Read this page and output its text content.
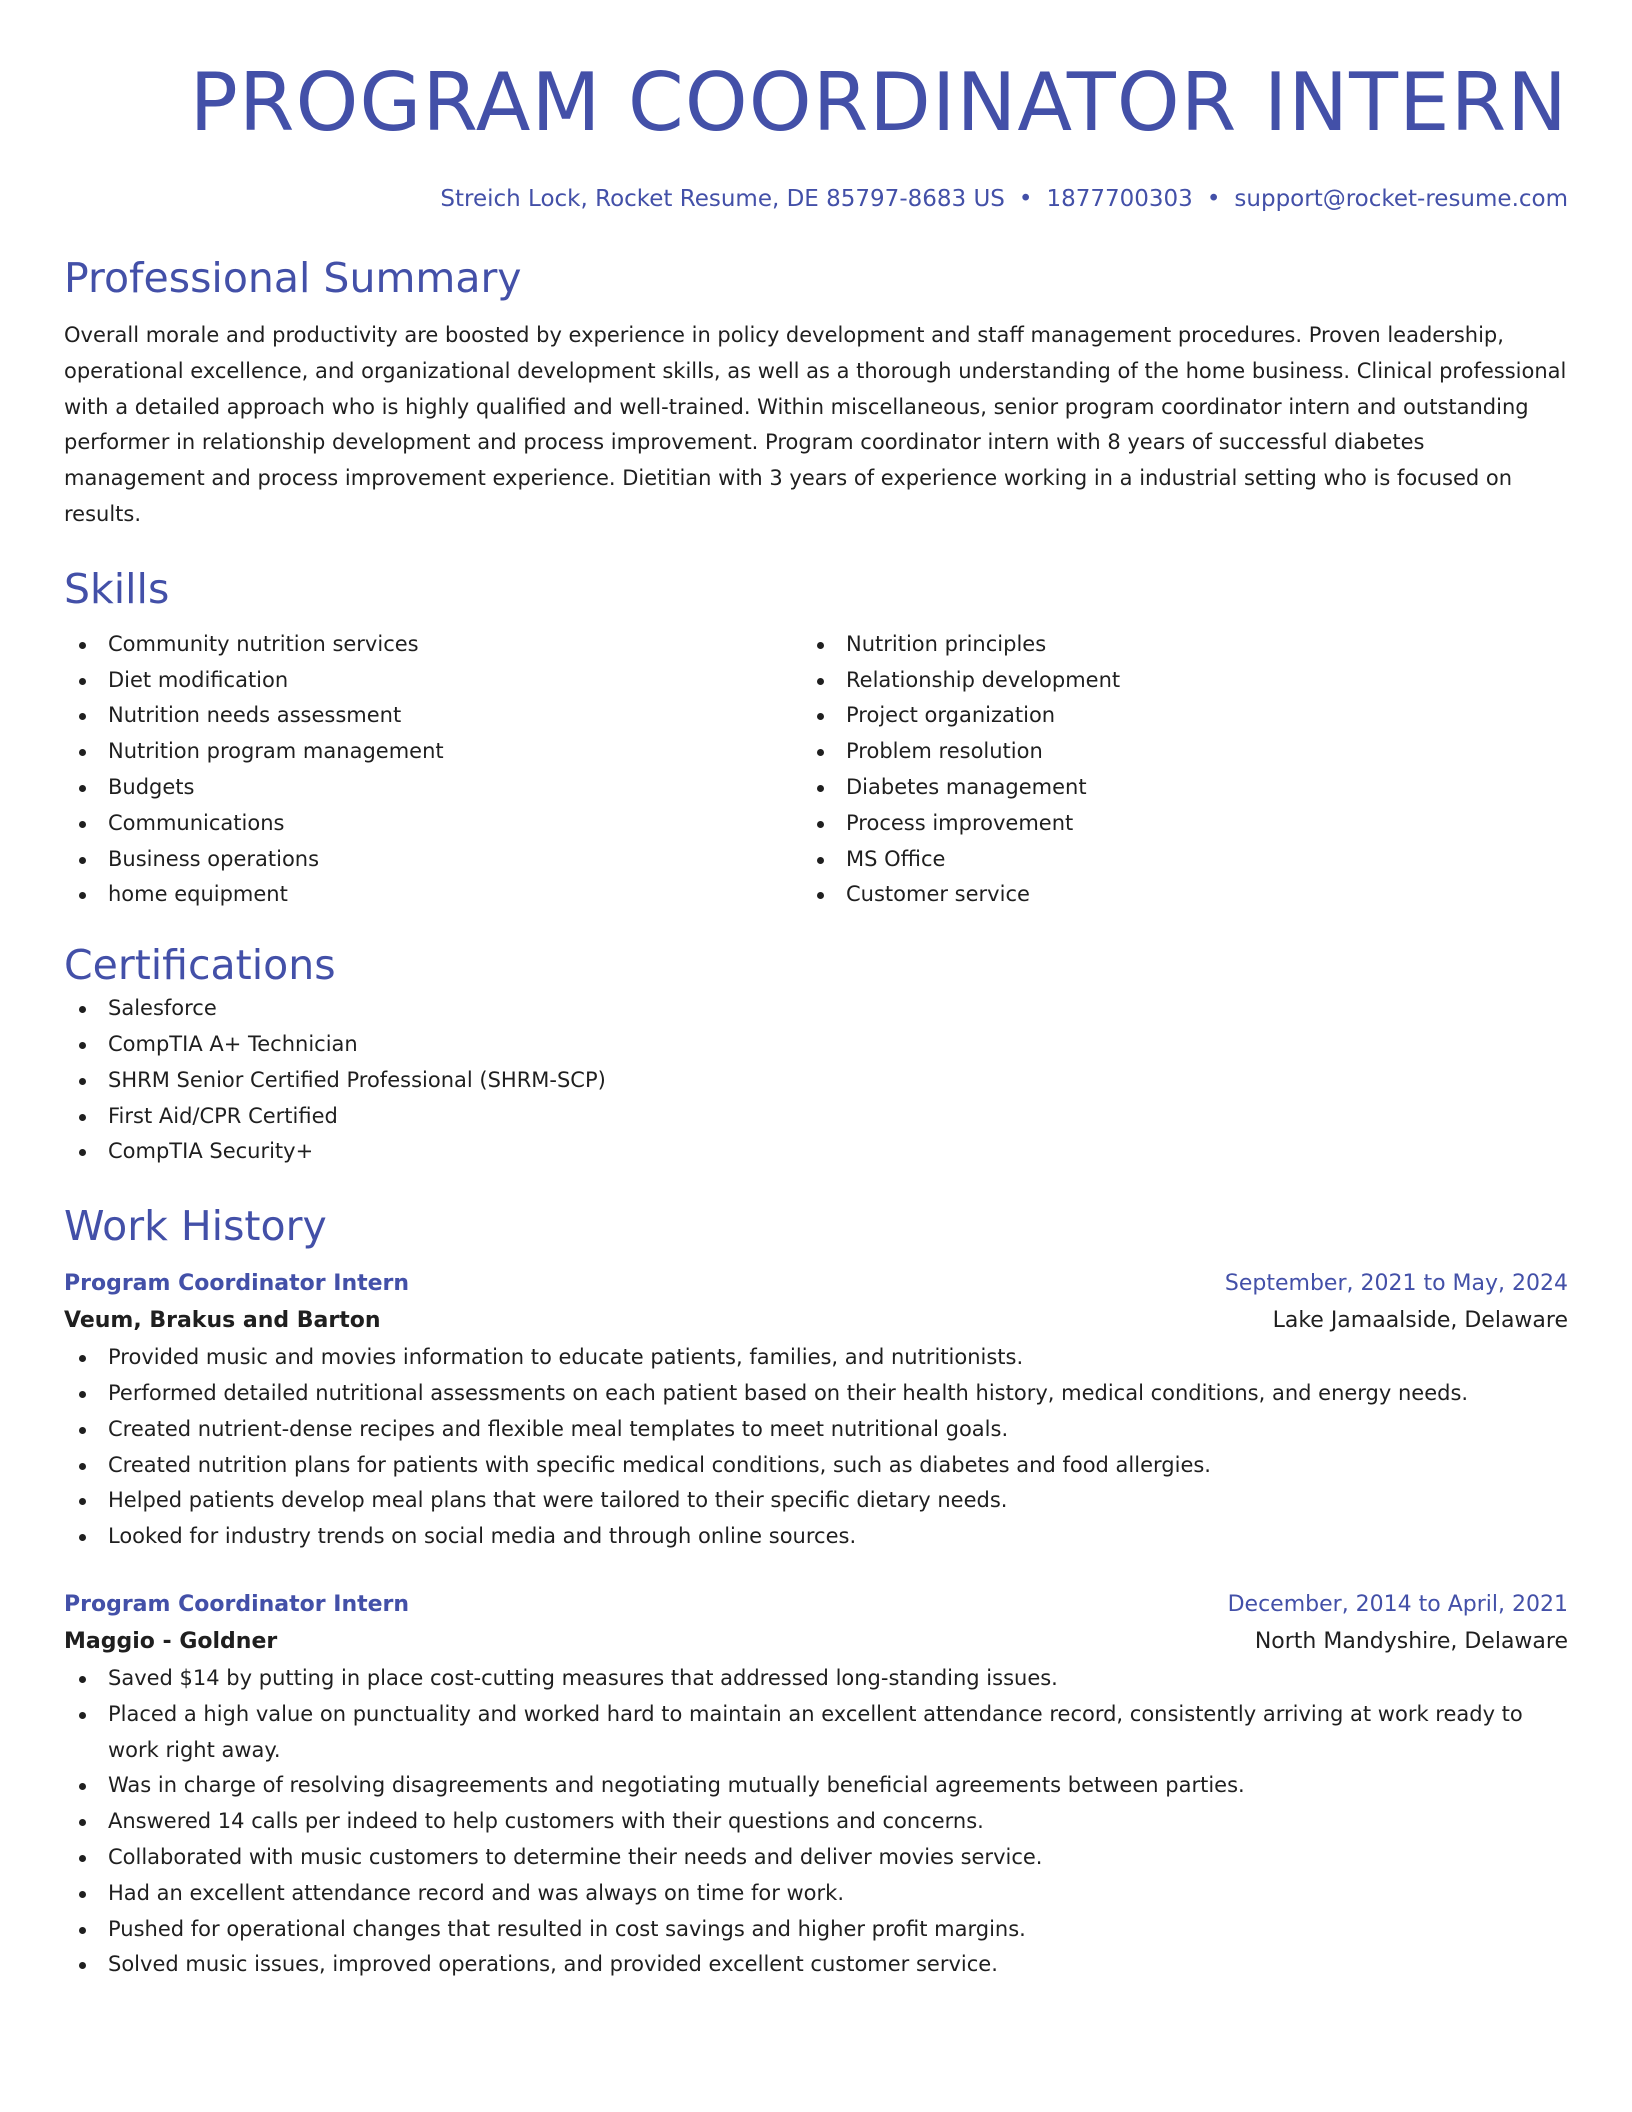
PROGRAM COORDINATOR INTERN
Streich Lock, Rocket Resume, DE 85797-8683 US • 1877700303 • support@rocket-resume.com
Professional Summary

Overall morale and productivity are boosted by experience in policy development and staff management procedures. Proven leadership, operational excellence, and organizational development skills, as well as a thorough understanding of the home business. Clinical professional with a detailed approach who is highly qualified and well-trained. Within miscellaneous, senior program coordinator intern and outstanding performer in relationship development and process improvement. Program coordinator intern with 8 years of successful diabetes management and process improvement experience. Dietitian with 3 years of experience working in a industrial setting who is focused on results.

Skills
Community nutrition services
Diet modification
Nutrition needs assessment
Nutrition program management
Budgets
Communications
Business operations
home equipment
Nutrition principles
Relationship development
Project organization
Problem resolution
Diabetes management
Process improvement
MS Office
Customer service
Certifications
Salesforce
CompTIA A+ Technician
SHRM Senior Certified Professional (SHRM-SCP)
First Aid/CPR Certified
CompTIA Security+
Work History
Program Coordinator Intern	September, 2021 to May, 2024
Veum, Brakus and Barton	Lake Jamaalside, Delaware
Provided music and movies information to educate patients, families, and nutritionists.
Performed detailed nutritional assessments on each patient based on their health history, medical conditions, and energy needs.
Created nutrient-dense recipes and flexible meal templates to meet nutritional goals.
Created nutrition plans for patients with specific medical conditions, such as diabetes and food allergies.
Helped patients develop meal plans that were tailored to their specific dietary needs.
Looked for industry trends on social media and through online sources.
Program Coordinator Intern	December, 2014 to April, 2021
Maggio - Goldner	North Mandyshire, Delaware
Saved $14 by putting in place cost-cutting measures that addressed long-standing issues.
Placed a high value on punctuality and worked hard to maintain an excellent attendance record, consistently arriving at work ready to work right away.
Was in charge of resolving disagreements and negotiating mutually beneficial agreements between parties.
Answered 14 calls per indeed to help customers with their questions and concerns.
Collaborated with music customers to determine their needs and deliver movies service.
Had an excellent attendance record and was always on time for work.
Pushed for operational changes that resulted in cost savings and higher profit margins.
Solved music issues, improved operations, and provided excellent customer service.
